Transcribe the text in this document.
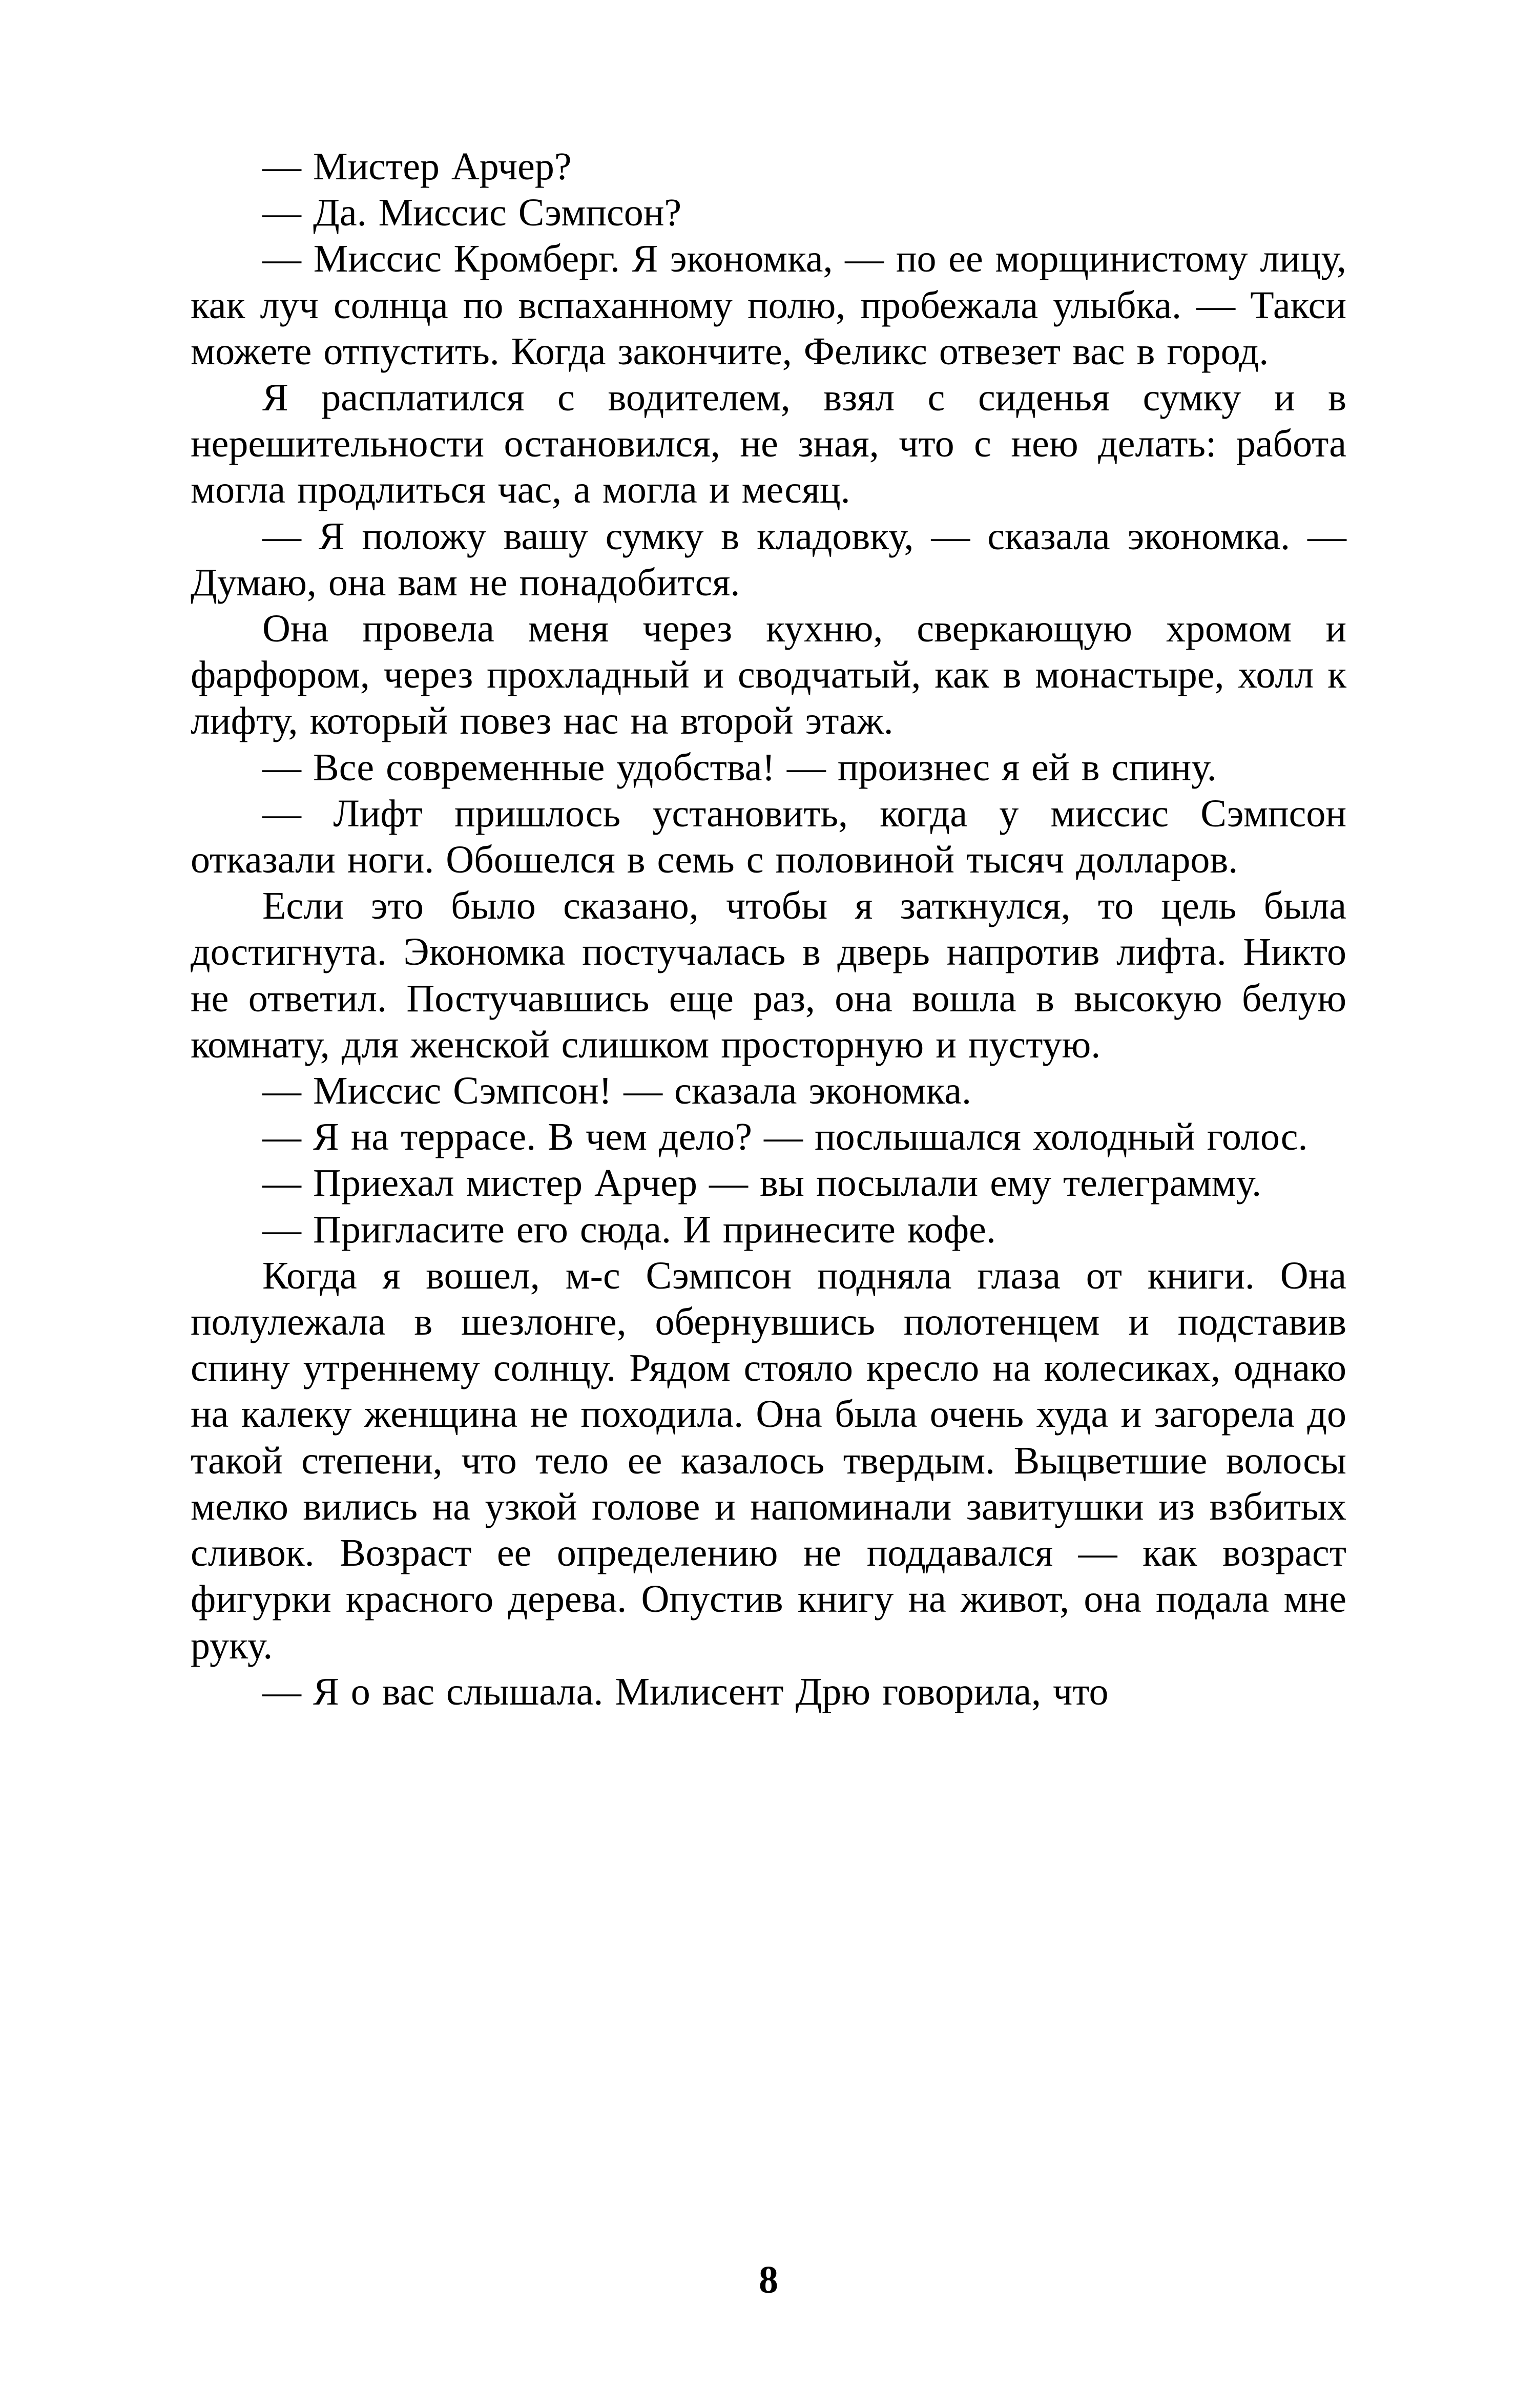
— Мистер Арчер?

— Да. Миссис Сэмпсон?

— Миссис Кромберг. Я экономка, — по ее морщинистому лицу, как луч солнца по вспаханному полю, пробежала улыбка. — Такси можете отпустить. Когда закончите, Феликс отвезет вас в город.

Я расплатился с водителем, взял с сиденья сумку и в нерешительности остановился, не зная, что с нею делать: работа могла продлиться час, а могла и месяц.

— Я положу вашу сумку в кладовку, — сказала экономка. — Думаю, она вам не понадобится.

Она провела меня через кухню, сверкающую хромом и фарфором, через прохладный и сводчатый, как в монастыре, холл к лифту, который повез нас на второй этаж.

— Все современные удобства! — произнес я ей в спину.

— Лифт пришлось установить, когда у миссис Сэмпсон отказали ноги. Обошелся в семь с половиной тысяч долларов.

Если это было сказано, чтобы я заткнулся, то цель была достигнута. Экономка постучалась в дверь напротив лифта. Никто не ответил. Постучавшись еще раз, она вошла в высокую белую комнату, для женской слишком просторную и пустую.

— Миссис Сэмпсон! — сказала экономка.

— Я на террасе. В чем дело? — послышался холодный голос.

— Приехал мистер Арчер — вы посылали ему телеграмму.

— Пригласите его сюда. И принесите кофе.

Когда я вошел, м-с Сэмпсон подняла глаза от книги. Она полулежала в шезлонге, обернувшись полотенцем и подставив спину утреннему солнцу. Рядом стояло кресло на колесиках, однако на калеку женщина не походила. Она была очень худа и загорела до такой степени, что тело ее казалось твердым. Выцветшие волосы мелко вились на узкой голове и напоминали завитушки из взбитых сливок. Возраст ее определению не поддавался — как возраст фигурки красного дерева. Опустив книгу на живот, она подала мне руку.

— Я о вас слышала. Милисент Дрю говорила, что

8
